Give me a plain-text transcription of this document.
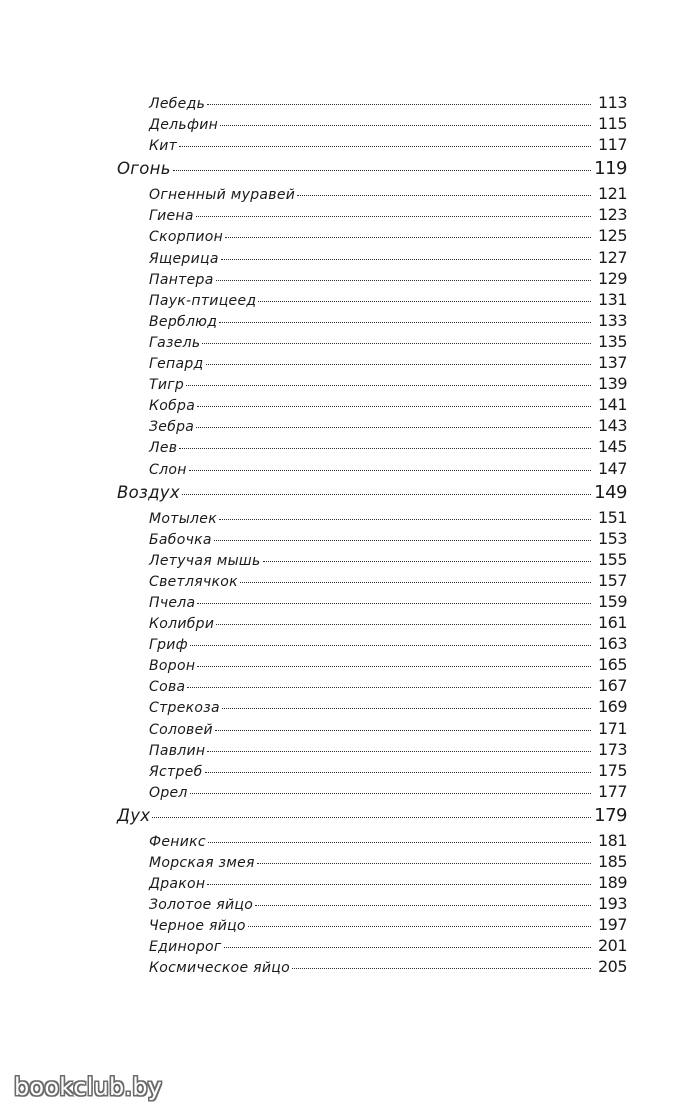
Лебедь	113
Дельфин	115
Кит	117
Огонь	119
Огненный муравей	121
Гиена	123
Скорпион	125
Ящерица	127
Пантера	129
Паук-птицеед	131
Верблюд	133
Газель	135
Гепард	137
Тигр	139
Кобра	141
Зебра	143
Лев	145
Слон	147
Воздух	149
Мотылек	151
Бабочка	153
Летучая мышь	155
Светлячкок	157
Пчела	159
Колибри	161
Гриф	163
Ворон	165
Сова	167
Стрекоза	169
Соловей	171
Павлин	173
Ястреб	175
Орел	177
Дух	179
Феникс	181
Морская змея	185
Дракон	189
Золотое яйцо	193
Черное яйцо	197
Единорог	201
Космическое яйцо	205
bookclub.by
